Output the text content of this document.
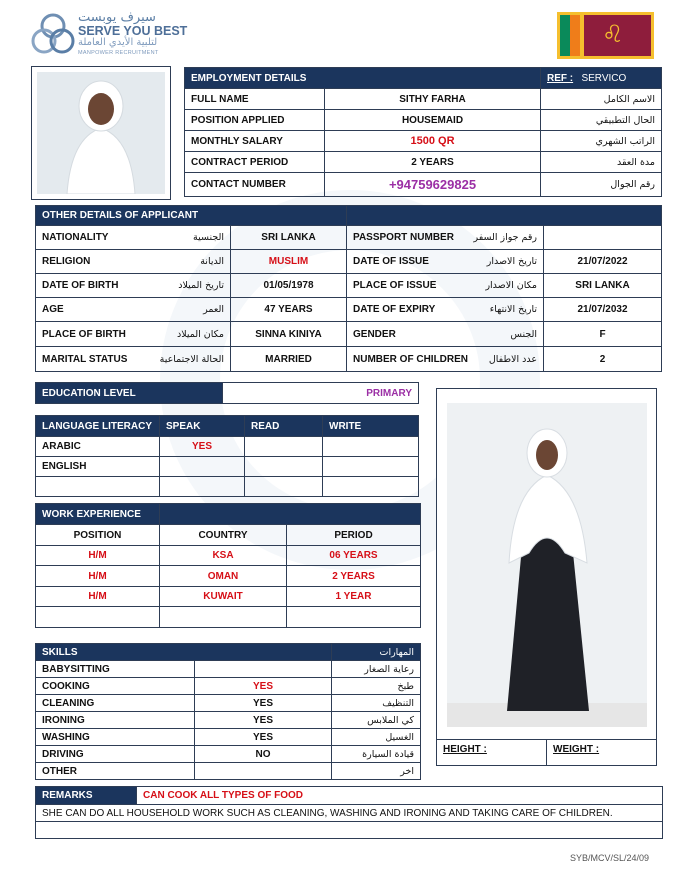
سيرف يوبست
SERVE YOU BEST
لتلبية الأيدي العاملة
MANPOWER RECRUITMENT
♌
EMPLOYMENT DETAILS		REF : SERVICO
FULL NAME	SITHY FARHA	الاسم الكامل
POSITION APPLIED	HOUSEMAID	الحال التطبيقي
MONTHLY SALARY	1500 QR	الراتب الشهري
CONTRACT PERIOD	2 YEARS	مدة العقد
CONTACT NUMBER	+94759629825	رقم الجوال
OTHER DETAILS OF APPLICANT			

NATIONALITY الجنسية	SRI LANKA	PASSPORT NUMBER رقم جواز السفر	

RELIGION الديانة	MUSLIM	DATE OF ISSUE تاريخ الاصدار	21/07/2022

DATE OF BIRTH تاريخ الميلاد	01/05/1978	PLACE OF ISSUE مكان الاصدار	SRI LANKA

AGE العمر	47 YEARS	DATE OF EXPIRY تاريخ الانتهاء	21/07/2032

PLACE OF BIRTH مكان الميلاد	SINNA KINIYA	GENDER الجنس	F

MARITAL STATUS الحالة الاجتماعية	MARRIED	NUMBER OF CHILDREN عدد الاطفال	2
EDUCATION LEVEL	PRIMARY
LANGUAGE LITERACY	SPEAK	READ	WRITE
ARABIC	YES		
ENGLISH			

WORK EXPERIENCE		
POSITION	COUNTRY	PERIOD
H/M	KSA	06 YEARS
H/M	OMAN	2 YEARS
H/M	KUWAIT	1 YEAR

SKILLS		المهارات
BABYSITTING		رعاية الصغار
COOKING	YES	طبخ
CLEANING	YES	التنظيف
IRONING	YES	كي الملابس
WASHING	YES	الغسيل
DRIVING	NO	قيادة السيارة
OTHER		اخر
HEIGHT :	WEIGHT :
REMARKS	CAN COOK ALL TYPES OF FOOD
SHE CAN DO ALL HOUSEHOLD WORK SUCH AS CLEANING, WASHING AND IRONING AND TAKING CARE OF CHILDREN.

SYB/MCV/SL/24/09
